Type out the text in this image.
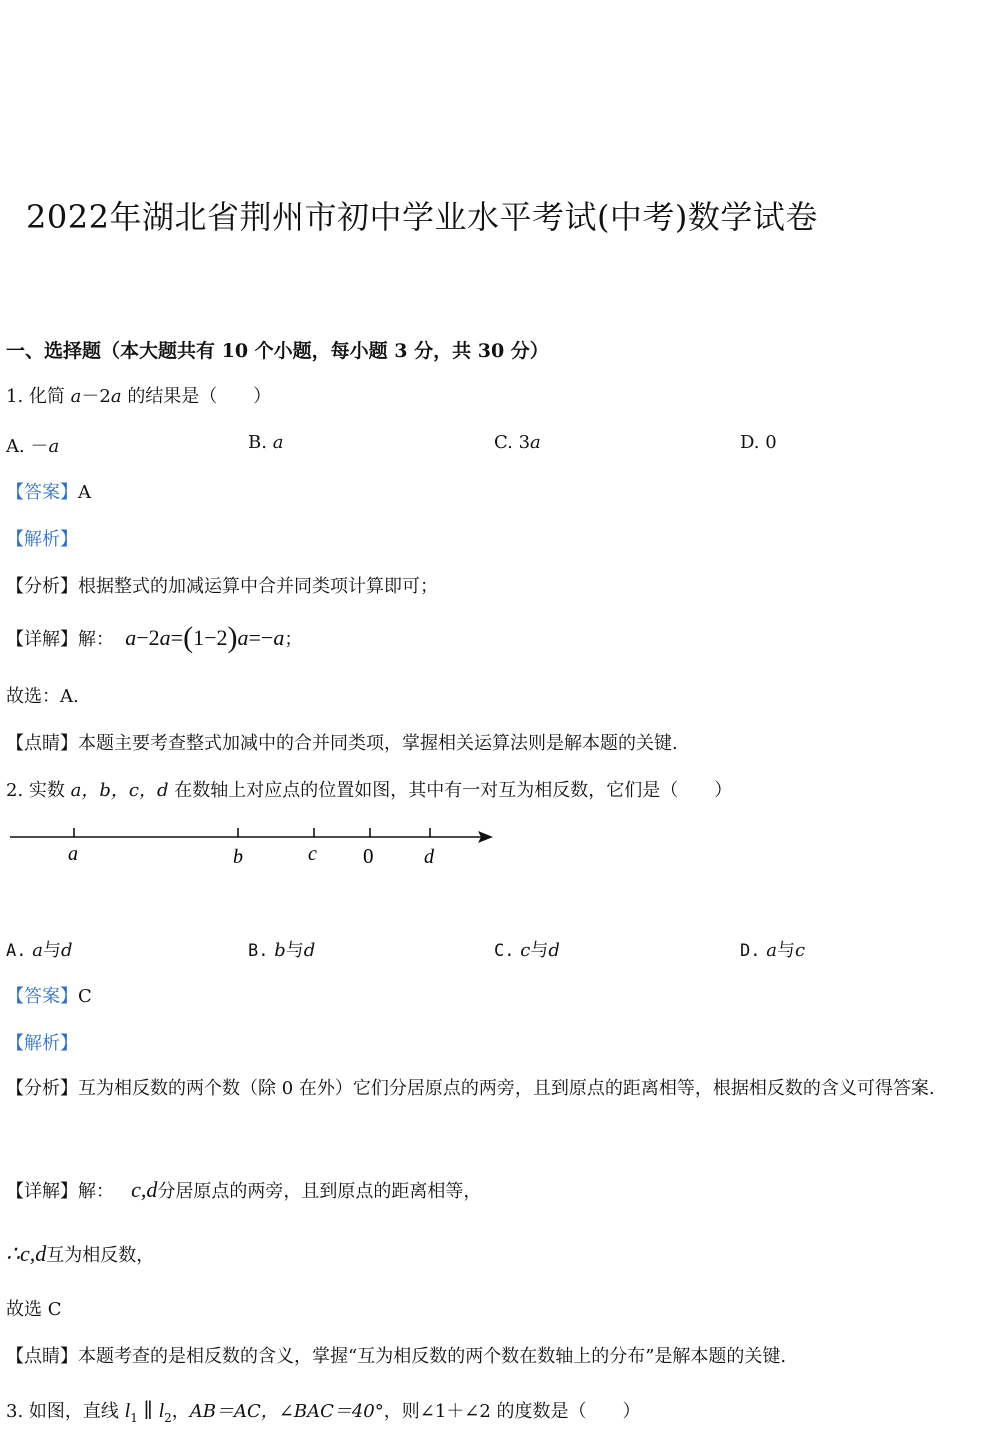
2022年湖北省荆州市初中学业水平考试(中考)数学试卷
一、选择题（本大题共有 10 个小题，每小题 3 分，共 30 分）
1. 化简 a－2a 的结果是（　　）
A. －a	B. a	C. 3a	D. 0
【答案】A
【解析】
【分析】根据整式的加减运算中合并同类项计算即可；
【详解】解：  a−2a=(1−2)a=−a；
故选：A.
【点睛】本题主要考查整式加减中的合并同类项，掌握相关运算法则是解本题的关键.
2. 实数 a，b，c，d 在数轴上对应点的位置如图，其中有一对互为相反数，它们是（　　）
a	b	c 0	d
A. a与d	B. b与d	C. c与d	D. a与c
【答案】C
【解析】
【分析】互为相反数的两个数（除 0 在外）它们分居原点的两旁，且到原点的距离相等，根据相反数的含义可得答案.
【详解】解： c,d分居原点的两旁，且到原点的距离相等，
∴c,d互为相反数，
故选 C
【点睛】本题考查的是相反数的含义，掌握“互为相反数的两个数在数轴上的分布”是解本题的关键.
3. 如图，直线 $l_1$ ∥ $l_2$，AB＝AC，∠BAC＝40°，则∠1＋∠2 的度数是（　　）
